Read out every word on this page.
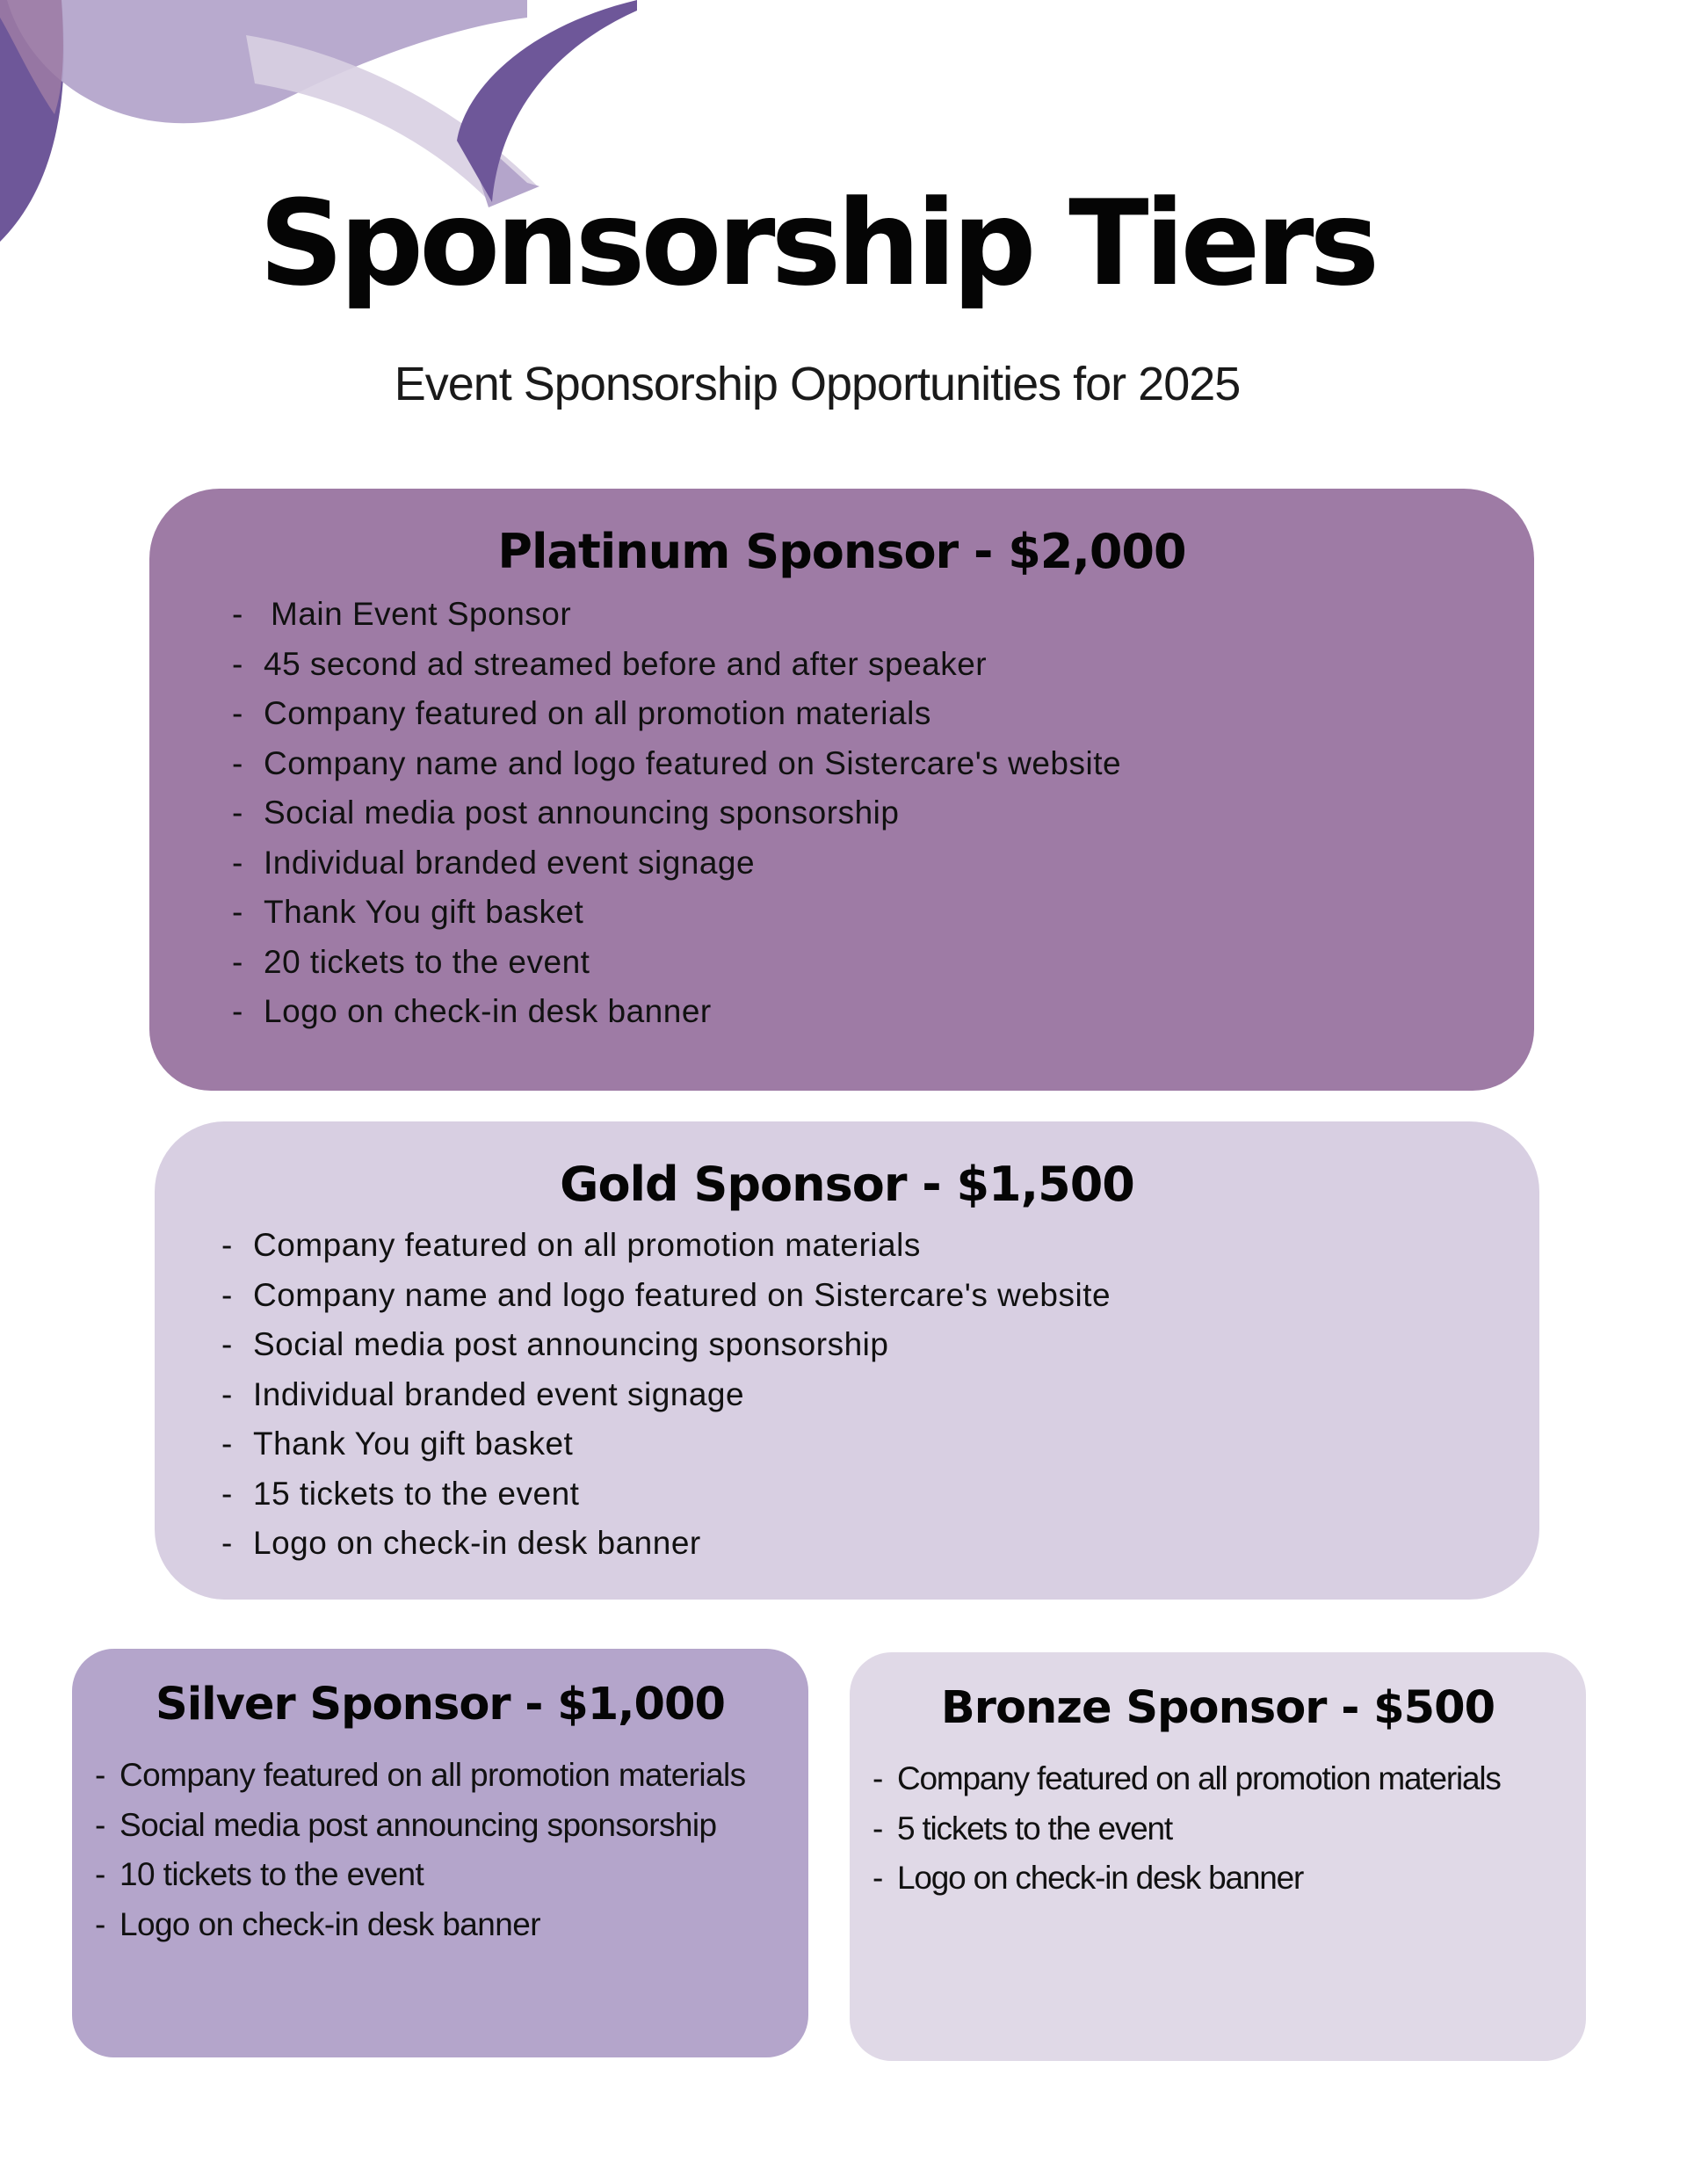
Sponsorship Tiers
Event Sponsorship Opportunities for 2025
Platinum Sponsor - $2,000
- Main Event Sponsor
- 45 second ad streamed before and after speaker
- Company featured on all promotion materials
- Company name and logo featured on Sistercare's website
- Social media post announcing sponsorship
- Individual branded event signage
- Thank You gift basket
- 20 tickets to the event
- Logo on check-in desk banner
Gold Sponsor - $1,500
- Company featured on all promotion materials
- Company name and logo featured on Sistercare's website
- Social media post announcing sponsorship
- Individual branded event signage
- Thank You gift basket
- 15 tickets to the event
- Logo on check-in desk banner
Silver Sponsor - $1,000
- Company featured on all promotion materials
- Social media post announcing sponsorship
- 10 tickets to the event
- Logo on check-in desk banner
Bronze Sponsor - $500
- Company featured on all promotion materials
- 5 tickets to the event
- Logo on check-in desk banner
